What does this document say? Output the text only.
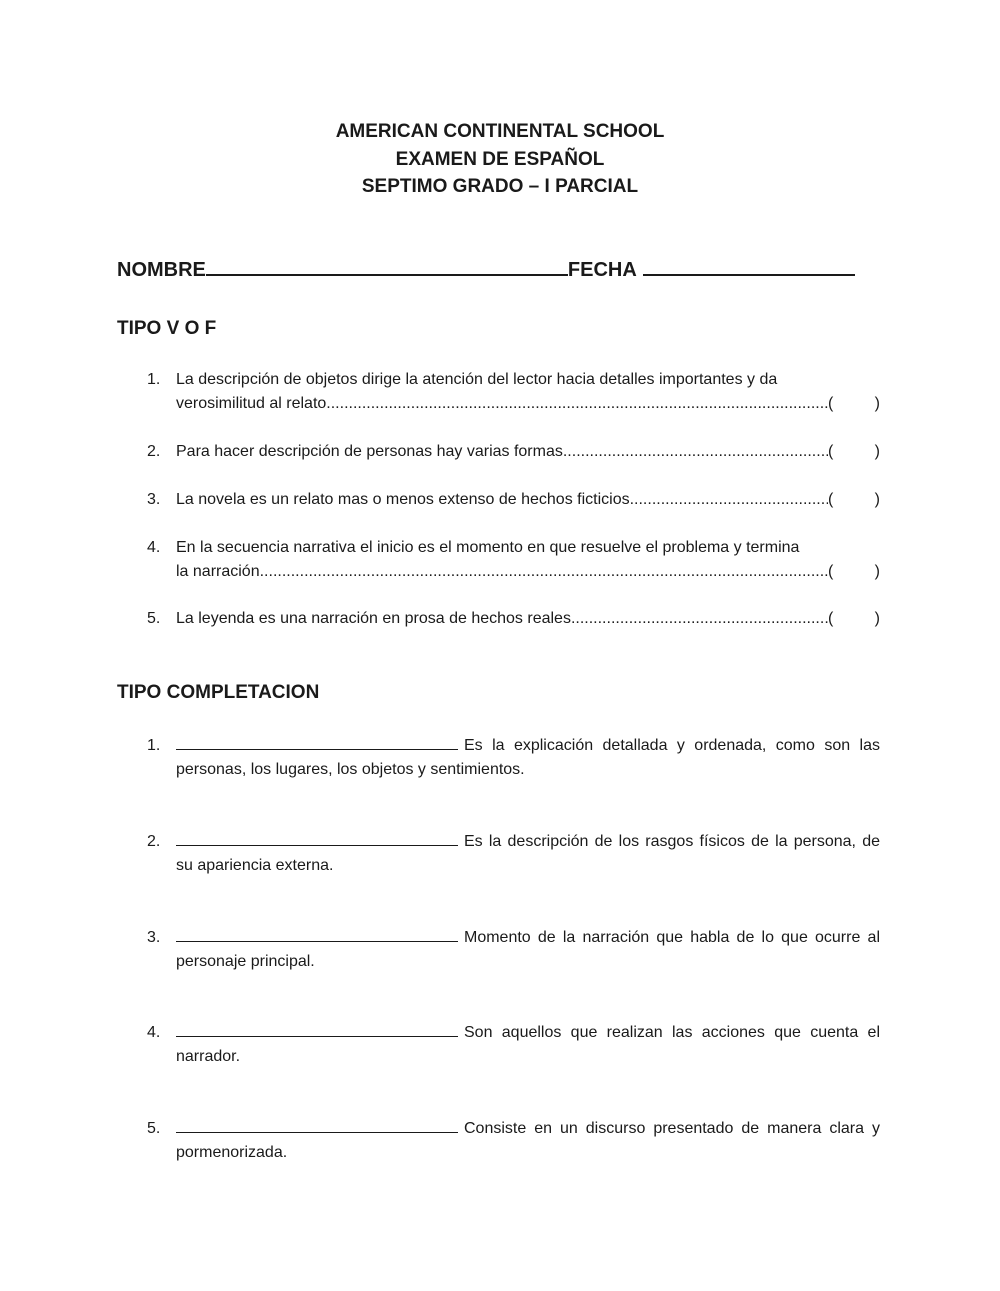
AMERICAN CONTINENTAL SCHOOL
EXAMEN DE ESPAÑOL
SEPTIMO GRADO – I PARCIAL
NOMBRE	FECHA
TIPO V O F
1. La descripción de objetos dirige la atención del lector hacia detalles importantes y da
verosimilitud al relato .....	(	)
2. Para hacer descripción de personas hay varias formas .....	(	)
3. La novela es un relato mas o menos extenso de hechos ficticios .....	(	)
4. En la secuencia narrativa el inicio es el momento en que resuelve el problema y termina
la narración .....	(	)
5. La leyenda es una narración en prosa de hechos reales .....	(	)
TIPO COMPLETACION
1.	Es la explicación detallada y ordenada, como son las personas, los lugares, los objetos y sentimientos.
2.	Es la descripción de los rasgos físicos de la persona, de su apariencia externa.
3.	Momento de la narración que habla de lo que ocurre al personaje principal.
4.	Son aquellos que realizan las acciones que cuenta el narrador.
5.	Consiste en un discurso presentado de manera clara y pormenorizada.
